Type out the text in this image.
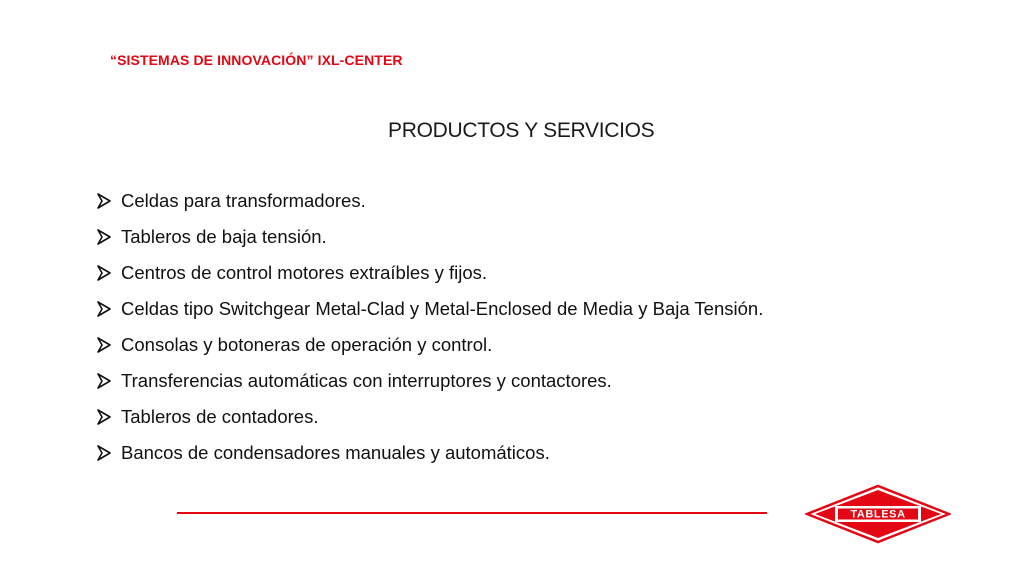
“SISTEMAS DE INNOVACIÓN” IXL-CENTER
PRODUCTOS Y SERVICIOS
Celdas para transformadores.
Tableros de baja tensión.
Centros de control motores extraíbles y fijos.
Celdas tipo Switchgear Metal-Clad y Metal-Enclosed de Media y Baja Tensión.
Consolas y botoneras de operación y control.
Transferencias automáticas con interruptores y contactores.
Tableros de contadores.
Bancos de condensadores manuales y automáticos.
TABLESA
